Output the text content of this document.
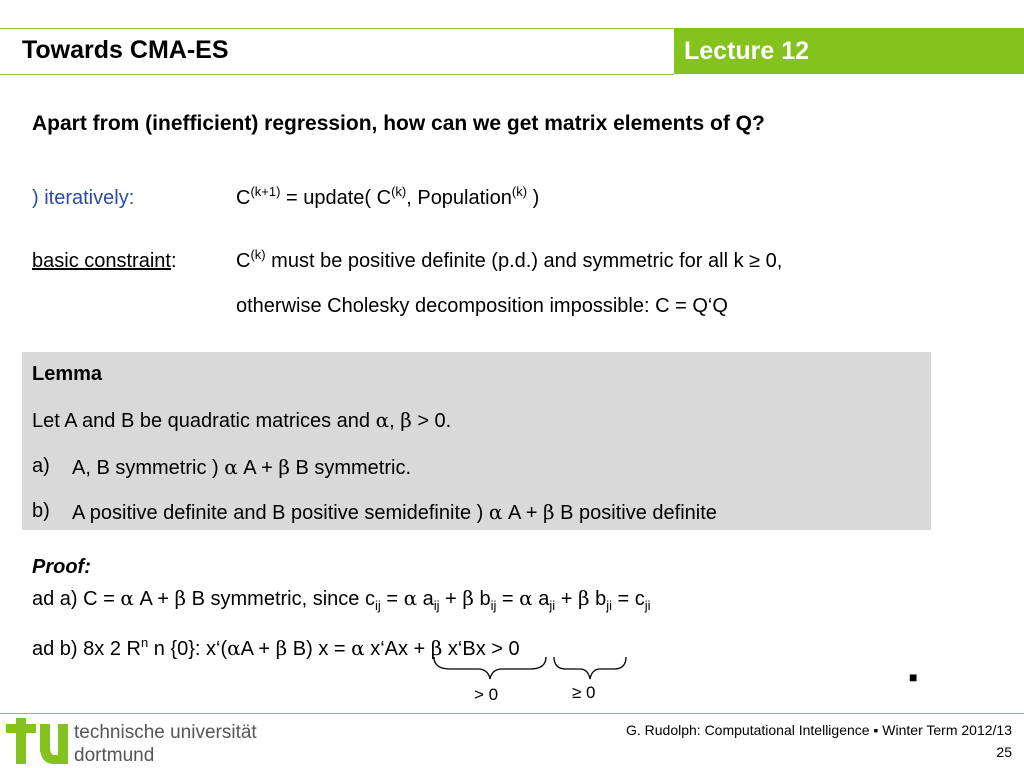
Towards CMA-ES	Lecture 12
Apart from (inefficient) regression, how can we get matrix elements of Q?
) iteratively:	$C^{(k+1)}$ = update( $C^{(k)}$, Population$^{(k)}$ )
basic constraint:	$C^{(k)}$ must be positive definite (p.d.) and symmetric for all k ≥ 0,
otherwise Cholesky decomposition impossible: C = Q‘Q
Lemma
Let A and B be quadratic matrices and α, β > 0.
a) A, B symmetric ) α A + β B symmetric.
b) A positive definite and B positive semidefinite ) α A + β B positive definite
Proof:
ad a) C = α A + β B symmetric, since $c_{ij} = \alpha$ $a_{ij} + \beta$ $b_{ij} = \alpha$ $a_{ji} + \beta$ $b_{ji} = c_{ji}$
ad b) 8x 2 $R^n$ n {0}: x‘(αA + β B) x = α x‘Ax + β x‘Bx > 0
> 0	≥ 0
■
technische universität
dortmund
G. Rudolph: Computational Intelligence ▪ Winter Term 2012/13
25
